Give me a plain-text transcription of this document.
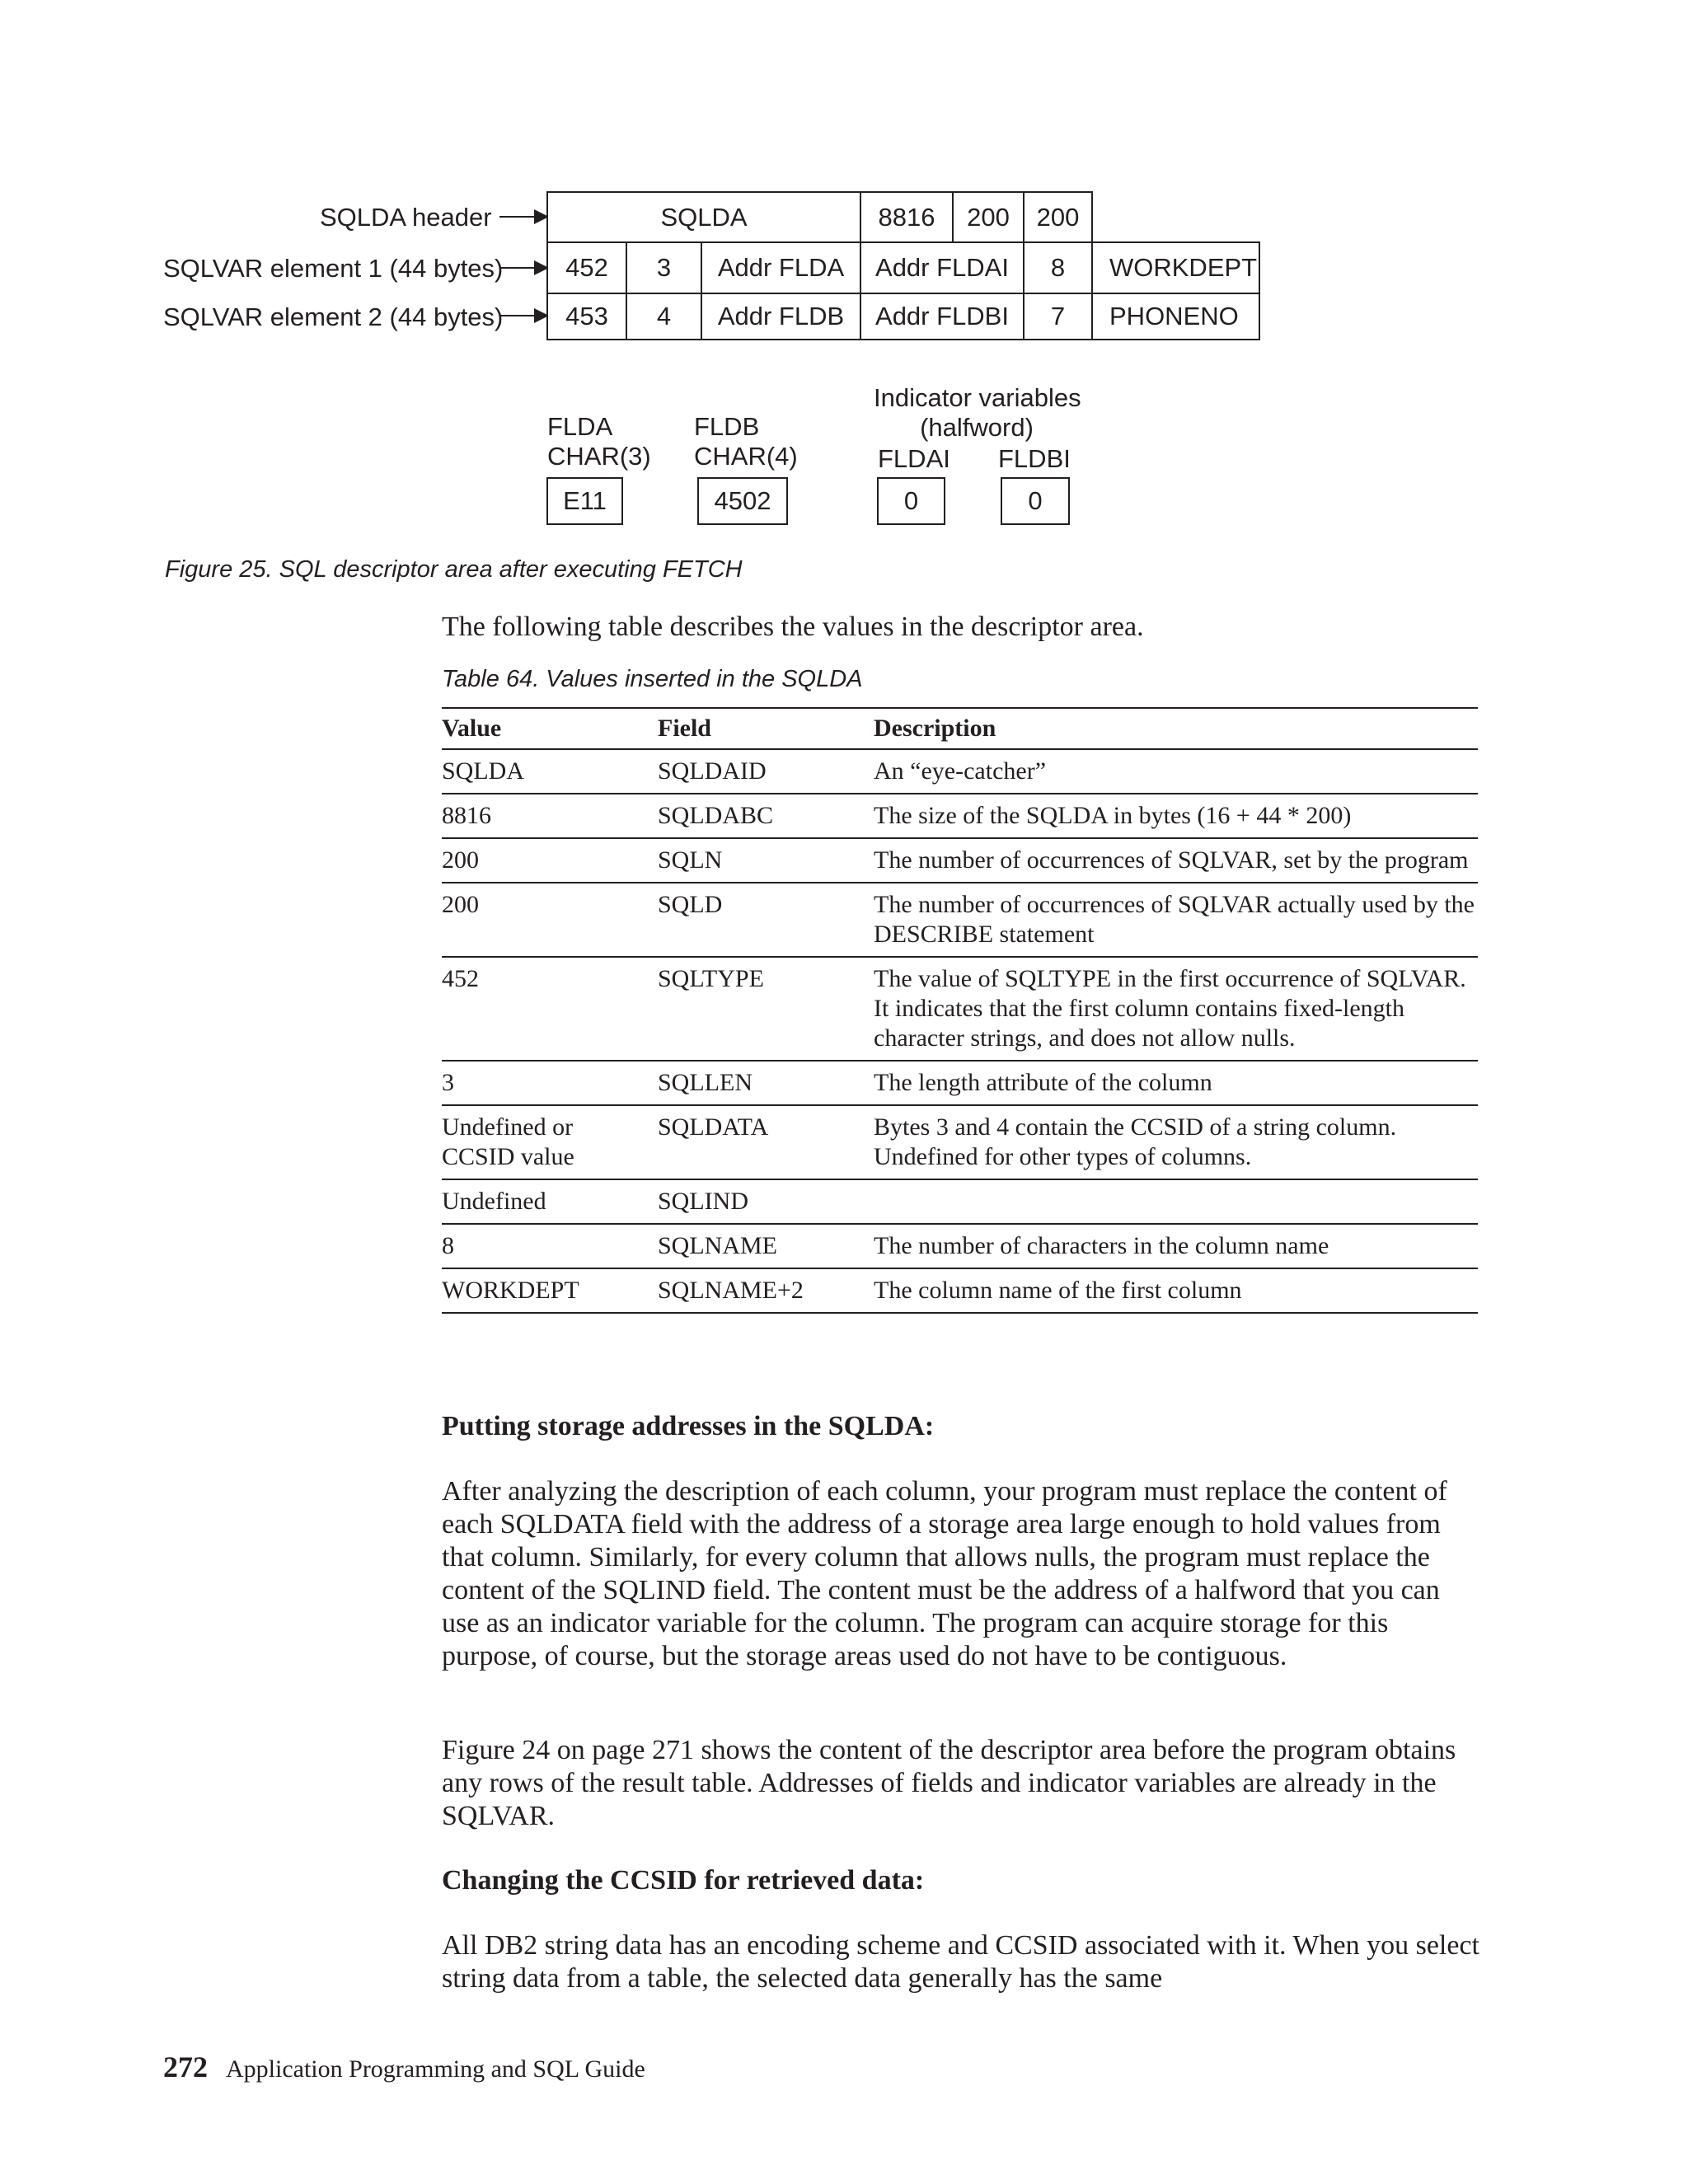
SQLDA header
SQLVAR element 1 (44 bytes)
SQLVAR element 2 (44 bytes)
SQLDA	8816	200	200
452	3	Addr FLDA	Addr FLDAI	8	WORKDEPT
453	4	Addr FLDB	Addr FLDBI	7	PHONENO
FLDA
CHAR(3)
FLDB
CHAR(4)
Indicator variables
(halfword)
FLDAI FLDBI
E11	4502	0	0
Figure 25. SQL descriptor area after executing FETCH
The following table describes the values in the descriptor area.
Table 64. Values inserted in the SQLDA
Value	Field	Description
SQLDA	SQLDAID	An “eye-catcher”
8816	SQLDABC	The size of the SQLDA in bytes (16 + 44 * 200)
200	SQLN	The number of occurrences of SQLVAR, set by the program
200	SQLD	The number of occurrences of SQLVAR actually used by the DESCRIBE statement
452	SQLTYPE	The value of SQLTYPE in the first occurrence of SQLVAR. It indicates that the first column contains fixed-length character strings, and does not allow nulls.
3	SQLLEN	The length attribute of the column
Undefined or CCSID value	SQLDATA	Bytes 3 and 4 contain the CCSID of a string column. Undefined for other types of columns.
Undefined	SQLIND	
8	SQLNAME	The number of characters in the column name
WORKDEPT	SQLNAME+2	The column name of the first column
Putting storage addresses in the SQLDA:
After analyzing the description of each column, your program must replace the content of each SQLDATA field with the address of a storage area large enough to hold values from that column. Similarly, for every column that allows nulls, the program must replace the content of the SQLIND field. The content must be the address of a halfword that you can use as an indicator variable for the column. The program can acquire storage for this purpose, of course, but the storage areas used do not have to be contiguous.
Figure 24 on page 271 shows the content of the descriptor area before the program obtains any rows of the result table. Addresses of fields and indicator variables are already in the SQLVAR.
Changing the CCSID for retrieved data:
All DB2 string data has an encoding scheme and CCSID associated with it. When you select string data from a table, the selected data generally has the same
272 Application Programming and SQL Guide
